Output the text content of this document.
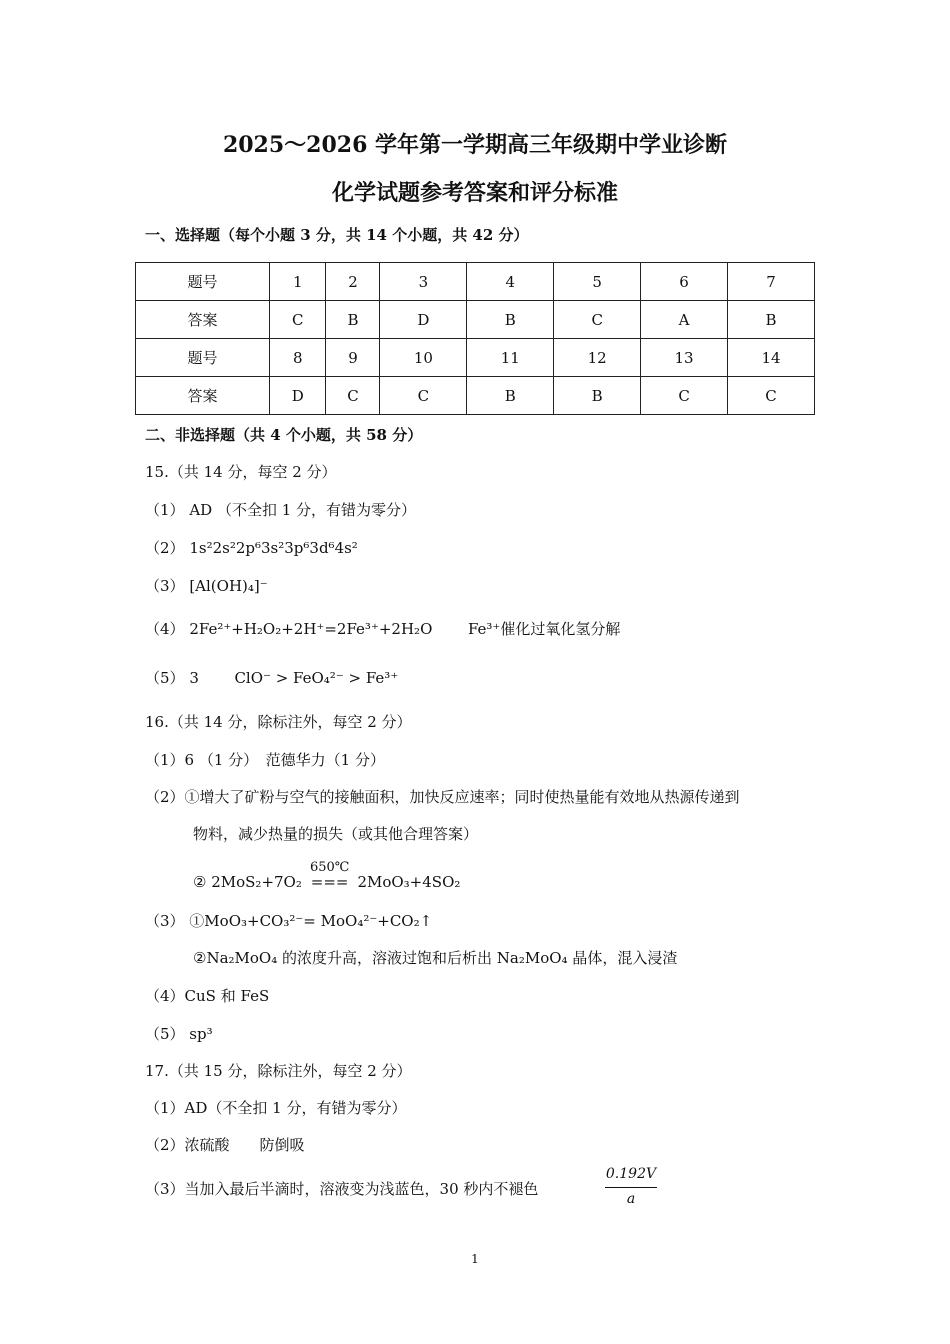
2025～2026 学年第一学期高三年级期中学业诊断
化学试题参考答案和评分标准
一、选择题（每个小题 3 分，共 14 个小题，共 42 分）
题号	1	2	3	4	5	6	7
答案	C	B	D	B	C	A	B
题号	8	9	10	11	12	13	14
答案	D	C	C	B	B	C	C
二、非选择题（共 4 个小题，共 58 分）
15.（共 14 分，每空 2 分）
（1） AD （不全扣 1 分，有错为零分）
（2） 1s²2s²2p⁶3s²3p⁶3d⁶4s²
（3） [Al(OH)₄]⁻
（4） 2Fe²⁺+H₂O₂+2H⁺=2Fe³⁺+2H₂O Fe³⁺催化过氧化氢分解
（5） 3 ClO⁻ > FeO₄²⁻ > Fe³⁺
16.（共 14 分，除标注外，每空 2 分）
（1）6 （1 分）　范德华力（1 分）
（2）①增大了矿粉与空气的接触面积，加快反应速率；同时使热量能有效地从热源传递到
物料，减少热量的损失（或其他合理答案）
② 2MoS₂+7O₂
650℃
=== 2MoO₃+4SO₂
（3） ①MoO₃+CO₃²⁻= MoO₄²⁻+CO₂↑
②Na₂MoO₄ 的浓度升高，溶液过饱和后析出 Na₂MoO₄ 晶体，混入浸渣
（4）CuS 和 FeS
（5） sp³
17.（共 15 分，除标注外，每空 2 分）
（1）AD（不全扣 1 分，有错为零分）
（2）浓硫酸　　防倒吸
（3）当加入最后半滴时，溶液变为浅蓝色，30 秒内不褪色
0.192V
a
1
